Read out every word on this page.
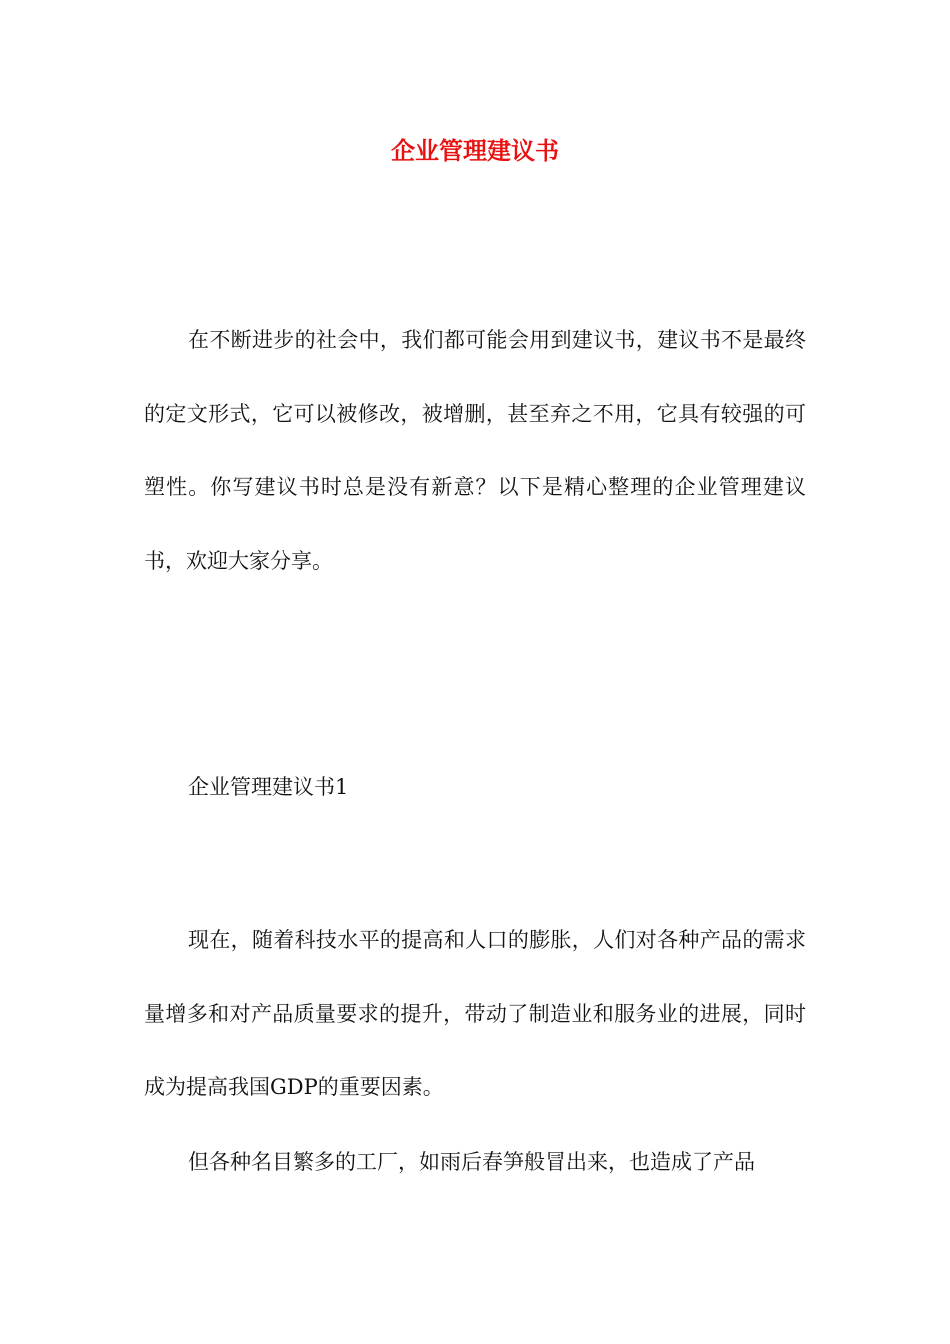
企业管理建议书

在不断进步的社会中，我们都可能会用到建议书，建议书不是最终的定文形式，它可以被修改，被增删，甚至弃之不用，它具有较强的可塑性。你写建议书时总是没有新意？以下是精心整理的企业管理建议书，欢迎大家分享。

企业管理建议书1

现在，随着科技水平的提高和人口的膨胀，人们对各种产品的需求量增多和对产品质量要求的提升，带动了制造业和服务业的进展，同时成为提高我国GDP的重要因素。

但各种名目繁多的工厂，如雨后春笋般冒出来，也造成了产品
